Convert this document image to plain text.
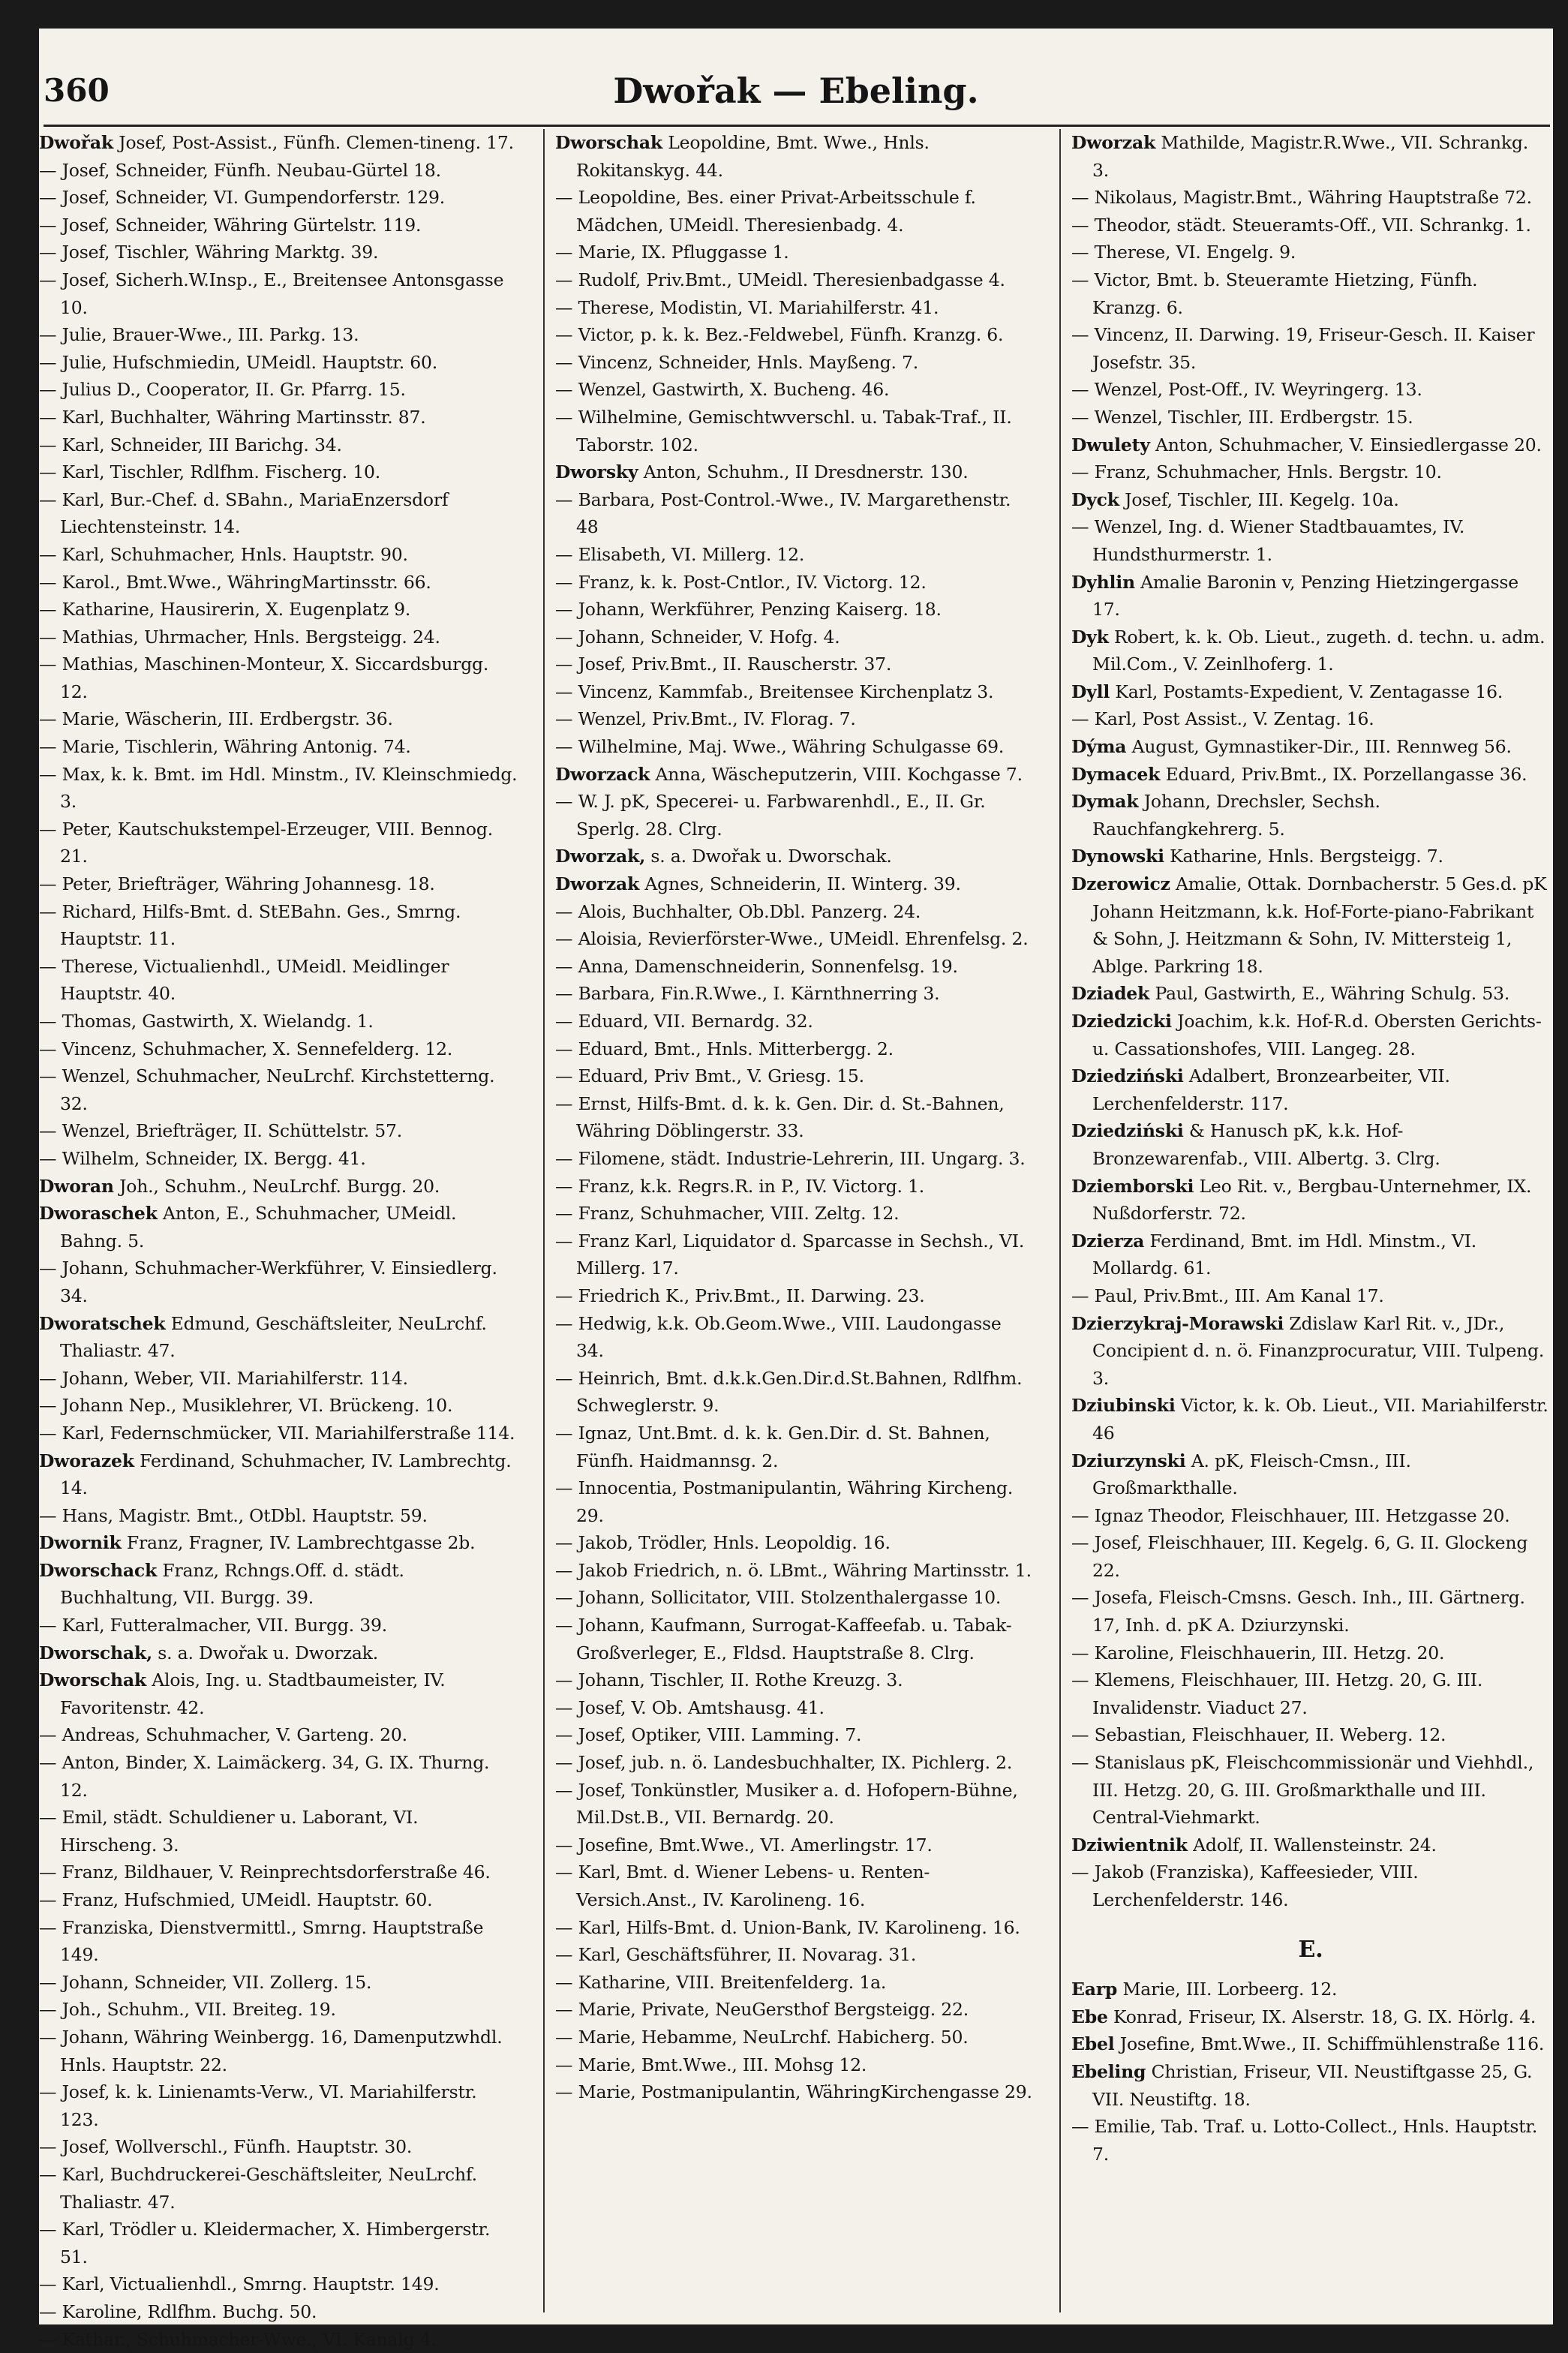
360	Dwořak — Ebeling.

Dwořak Josef, Post-Assist., Fünfh. Clemen-tineng. 17.

— Josef, Schneider, Fünfh. Neubau-Gürtel 18.

— Josef, Schneider, VI. Gumpendorferstr. 129.

— Josef, Schneider, Währing Gürtelstr. 119.

— Josef, Tischler, Währing Marktg. 39.

— Josef, Sicherh.W.Insp., E., Breitensee Antonsgasse 10.

— Julie, Brauer-Wwe., III. Parkg. 13.

— Julie, Hufschmiedin, UMeidl. Hauptstr. 60.

— Julius D., Cooperator, II. Gr. Pfarrg. 15.

— Karl, Buchhalter, Währing Martinsstr. 87.

— Karl, Schneider, III Barichg. 34.

— Karl, Tischler, Rdlfhm. Fischerg. 10.

— Karl, Bur.-Chef. d. SBahn., MariaEnzersdorf Liechtensteinstr. 14.

— Karl, Schuhmacher, Hnls. Hauptstr. 90.

— Karol., Bmt.Wwe., WähringMartinsstr. 66.

— Katharine, Hausirerin, X. Eugenplatz 9.

— Mathias, Uhrmacher, Hnls. Bergsteigg. 24.

— Mathias, Maschinen-Monteur, X. Siccardsburgg. 12.

— Marie, Wäscherin, III. Erdbergstr. 36.

— Marie, Tischlerin, Währing Antonig. 74.

— Max, k. k. Bmt. im Hdl. Minstm., IV. Kleinschmiedg. 3.

— Peter, Kautschukstempel-Erzeuger, VIII. Bennog. 21.

— Peter, Briefträger, Währing Johannesg. 18.

— Richard, Hilfs-Bmt. d. StEBahn. Ges., Smrng. Hauptstr. 11.

— Therese, Victualienhdl., UMeidl. Meidlinger Hauptstr. 40.

— Thomas, Gastwirth, X. Wielandg. 1.

— Vincenz, Schuhmacher, X. Sennefelderg. 12.

— Wenzel, Schuhmacher, NeuLrchf. Kirchstetterng. 32.

— Wenzel, Briefträger, II. Schüttelstr. 57.

— Wilhelm, Schneider, IX. Bergg. 41.

Dworan Joh., Schuhm., NeuLrchf. Burgg. 20.

Dworaschek Anton, E., Schuhmacher, UMeidl. Bahng. 5.

— Johann, Schuhmacher-Werkführer, V. Einsiedlerg. 34.

Dworatschek Edmund, Geschäftsleiter, NeuLrchf. Thaliastr. 47.

— Johann, Weber, VII. Mariahilferstr. 114.

— Johann Nep., Musiklehrer, VI. Brückeng. 10.

— Karl, Federnschmücker, VII. Mariahilferstraße 114.

Dworazek Ferdinand, Schuhmacher, IV. Lambrechtg. 14.

— Hans, Magistr. Bmt., OtDbl. Hauptstr. 59.

Dwornik Franz, Fragner, IV. Lambrechtgasse 2b.

Dworschack Franz, Rchngs.Off. d. städt. Buchhaltung, VII. Burgg. 39.

— Karl, Futteralmacher, VII. Burgg. 39.

Dworschak, s. a. Dwořak u. Dworzak.

Dworschak Alois, Ing. u. Stadtbaumeister, IV. Favoritenstr. 42.

— Andreas, Schuhmacher, V. Garteng. 20.

— Anton, Binder, X. Laimäckerg. 34, G. IX. Thurng. 12.

— Emil, städt. Schuldiener u. Laborant, VI. Hirscheng. 3.

— Franz, Bildhauer, V. Reinprechtsdorferstraße 46.

— Franz, Hufschmied, UMeidl. Hauptstr. 60.

— Franziska, Dienstvermittl., Smrng. Hauptstraße 149.

— Johann, Schneider, VII. Zollerg. 15.

— Joh., Schuhm., VII. Breiteg. 19.

— Johann, Währing Weinbergg. 16, Damenputzwhdl. Hnls. Hauptstr. 22.

— Josef, k. k. Linienamts-Verw., VI. Mariahilferstr. 123.

— Josef, Wollverschl., Fünfh. Hauptstr. 30.

— Karl, Buchdruckerei-Geschäftsleiter, NeuLrchf. Thaliastr. 47.

— Karl, Trödler u. Kleidermacher, X. Himbergerstr. 51.

— Karl, Victualienhdl., Smrng. Hauptstr. 149.

— Karoline, Rdlfhm. Buchg. 50.

— Kathar., Schuhmacher-Wwe., VI. Kanalg 4.

Dworschak Leopoldine, Bmt. Wwe., Hnls. Rokitanskyg. 44.

— Leopoldine, Bes. einer Privat-Arbeitsschule f. Mädchen, UMeidl. Theresienbadg. 4.

— Marie, IX. Pfluggasse 1.

— Rudolf, Priv.Bmt., UMeidl. Theresienbadgasse 4.

— Therese, Modistin, VI. Mariahilferstr. 41.

— Victor, p. k. k. Bez.-Feldwebel, Fünfh. Kranzg. 6.

— Vincenz, Schneider, Hnls. Mayßeng. 7.

— Wenzel, Gastwirth, X. Bucheng. 46.

— Wilhelmine, Gemischtwverschl. u. Tabak-Traf., II. Taborstr. 102.

Dworsky Anton, Schuhm., II Dresdnerstr. 130.

— Barbara, Post-Control.-Wwe., IV. Margarethenstr. 48

— Elisabeth, VI. Millerg. 12.

— Franz, k. k. Post-Cntlor., IV. Victorg. 12.

— Johann, Werkführer, Penzing Kaiserg. 18.

— Johann, Schneider, V. Hofg. 4.

— Josef, Priv.Bmt., II. Rauscherstr. 37.

— Vincenz, Kammfab., Breitensee Kirchenplatz 3.

— Wenzel, Priv.Bmt., IV. Florag. 7.

— Wilhelmine, Maj. Wwe., Währing Schulgasse 69.

Dworzack Anna, Wäscheputzerin, VIII. Kochgasse 7.

— W. J. pK, Specerei- u. Farbwarenhdl., E., II. Gr. Sperlg. 28. Clrg.

Dworzak, s. a. Dwořak u. Dworschak.

Dworzak Agnes, Schneiderin, II. Winterg. 39.

— Alois, Buchhalter, Ob.Dbl. Panzerg. 24.

— Aloisia, Revierförster-Wwe., UMeidl. Ehrenfelsg. 2.

— Anna, Damenschneiderin, Sonnenfelsg. 19.

— Barbara, Fin.R.Wwe., I. Kärnthnerring 3.

— Eduard, VII. Bernardg. 32.

— Eduard, Bmt., Hnls. Mitterbergg. 2.

— Eduard, Priv Bmt., V. Griesg. 15.

— Ernst, Hilfs-Bmt. d. k. k. Gen. Dir. d. St.-Bahnen, Währing Döblingerstr. 33.

— Filomene, städt. Industrie-Lehrerin, III. Ungarg. 3.

— Franz, k.k. Regrs.R. in P., IV. Victorg. 1.

— Franz, Schuhmacher, VIII. Zeltg. 12.

— Franz Karl, Liquidator d. Sparcasse in Sechsh., VI. Millerg. 17.

— Friedrich K., Priv.Bmt., II. Darwing. 23.

— Hedwig, k.k. Ob.Geom.Wwe., VIII. Laudongasse 34.

— Heinrich, Bmt. d.k.k.Gen.Dir.d.St.Bahnen, Rdlfhm. Schweglerstr. 9.

— Ignaz, Unt.Bmt. d. k. k. Gen.Dir. d. St. Bahnen, Fünfh. Haidmannsg. 2.

— Innocentia, Postmanipulantin, Währing Kircheng. 29.

— Jakob, Trödler, Hnls. Leopoldig. 16.

— Jakob Friedrich, n. ö. LBmt., Währing Martinsstr. 1.

— Johann, Sollicitator, VIII. Stolzenthalergasse 10.

— Johann, Kaufmann, Surrogat-Kaffeefab. u. Tabak-Großverleger, E., Fldsd. Hauptstraße 8. Clrg.

— Johann, Tischler, II. Rothe Kreuzg. 3.

— Josef, V. Ob. Amtshausg. 41.

— Josef, Optiker, VIII. Lamming. 7.

— Josef, jub. n. ö. Landesbuchhalter, IX. Pichlerg. 2.

— Josef, Tonkünstler, Musiker a. d. Hofopern-Bühne, Mil.Dst.B., VII. Bernardg. 20.

— Josefine, Bmt.Wwe., VI. Amerlingstr. 17.

— Karl, Bmt. d. Wiener Lebens- u. Renten-Versich.Anst., IV. Karolineng. 16.

— Karl, Hilfs-Bmt. d. Union-Bank, IV. Karolineng. 16.

— Karl, Geschäftsführer, II. Novarag. 31.

— Katharine, VIII. Breitenfelderg. 1a.

— Marie, Private, NeuGersthof Bergsteigg. 22.

— Marie, Hebamme, NeuLrchf. Habicherg. 50.

— Marie, Bmt.Wwe., III. Mohsg 12.

— Marie, Postmanipulantin, WähringKirchengasse 29.

Dworzak Mathilde, Magistr.R.Wwe., VII. Schrankg. 3.

— Nikolaus, Magistr.Bmt., Währing Hauptstraße 72.

— Theodor, städt. Steueramts-Off., VII. Schrankg. 1.

— Therese, VI. Engelg. 9.

— Victor, Bmt. b. Steueramte Hietzing, Fünfh. Kranzg. 6.

— Vincenz, II. Darwing. 19, Friseur-Gesch. II. Kaiser Josefstr. 35.

— Wenzel, Post-Off., IV. Weyringerg. 13.

— Wenzel, Tischler, III. Erdbergstr. 15.

Dwulety Anton, Schuhmacher, V. Einsiedlergasse 20.

— Franz, Schuhmacher, Hnls. Bergstr. 10.

Dyck Josef, Tischler, III. Kegelg. 10a.

— Wenzel, Ing. d. Wiener Stadtbauamtes, IV. Hundsthurmerstr. 1.

Dyhlin Amalie Baronin v, Penzing Hietzingergasse 17.

Dyk Robert, k. k. Ob. Lieut., zugeth. d. techn. u. adm. Mil.Com., V. Zeinlhoferg. 1.

Dyll Karl, Postamts-Expedient, V. Zentagasse 16.

— Karl, Post Assist., V. Zentag. 16.

Dýma August, Gymnastiker-Dir., III. Rennweg 56.

Dymacek Eduard, Priv.Bmt., IX. Porzellangasse 36.

Dymak Johann, Drechsler, Sechsh. Rauchfangkehrerg. 5.

Dynowski Katharine, Hnls. Bergsteigg. 7.

Dzerowicz Amalie, Ottak. Dornbacherstr. 5 Ges.d. pK Johann Heitzmann, k.k. Hof-Forte-piano-Fabrikant & Sohn, J. Heitzmann & Sohn, IV. Mittersteig 1, Ablge. Parkring 18.

Dziadek Paul, Gastwirth, E., Währing Schulg. 53.

Dziedzicki Joachim, k.k. Hof-R.d. Obersten Gerichts- u. Cassationshofes, VIII. Langeg. 28.

Dziedziński Adalbert, Bronzearbeiter, VII. Lerchenfelderstr. 117.

Dziedziński & Hanusch pK, k.k. Hof-Bronzewarenfab., VIII. Albertg. 3. Clrg.

Dziemborski Leo Rit. v., Bergbau-Unternehmer, IX. Nußdorferstr. 72.

Dzierza Ferdinand, Bmt. im Hdl. Minstm., VI. Mollardg. 61.

— Paul, Priv.Bmt., III. Am Kanal 17.

Dzierzykraj-Morawski Zdislaw Karl Rit. v., JDr., Concipient d. n. ö. Finanzprocuratur, VIII. Tulpeng. 3.

Dziubinski Victor, k. k. Ob. Lieut., VII. Mariahilferstr. 46

Dziurzynski A. pK, Fleisch-Cmsn., III. Großmarkthalle.

— Ignaz Theodor, Fleischhauer, III. Hetzgasse 20.

— Josef, Fleischhauer, III. Kegelg. 6, G. II. Glockeng 22.

— Josefa, Fleisch-Cmsns. Gesch. Inh., III. Gärtnerg. 17, Inh. d. pK A. Dziurzynski.

— Karoline, Fleischhauerin, III. Hetzg. 20.

— Klemens, Fleischhauer, III. Hetzg. 20, G. III. Invalidenstr. Viaduct 27.

— Sebastian, Fleischhauer, II. Weberg. 12.

— Stanislaus pK, Fleischcommissionär und Viehhdl., III. Hetzg. 20, G. III. Großmarkthalle und III. Central-Viehmarkt.

Dziwientnik Adolf, II. Wallensteinstr. 24.

— Jakob (Franziska), Kaffeesieder, VIII. Lerchenfelderstr. 146.

E.

Earp Marie, III. Lorbeerg. 12.

Ebe Konrad, Friseur, IX. Alserstr. 18, G. IX. Hörlg. 4.

Ebel Josefine, Bmt.Wwe., II. Schiffmühlenstraße 116.

Ebeling Christian, Friseur, VII. Neustiftgasse 25, G. VII. Neustiftg. 18.

— Emilie, Tab. Traf. u. Lotto-Collect., Hnls. Hauptstr. 7.
